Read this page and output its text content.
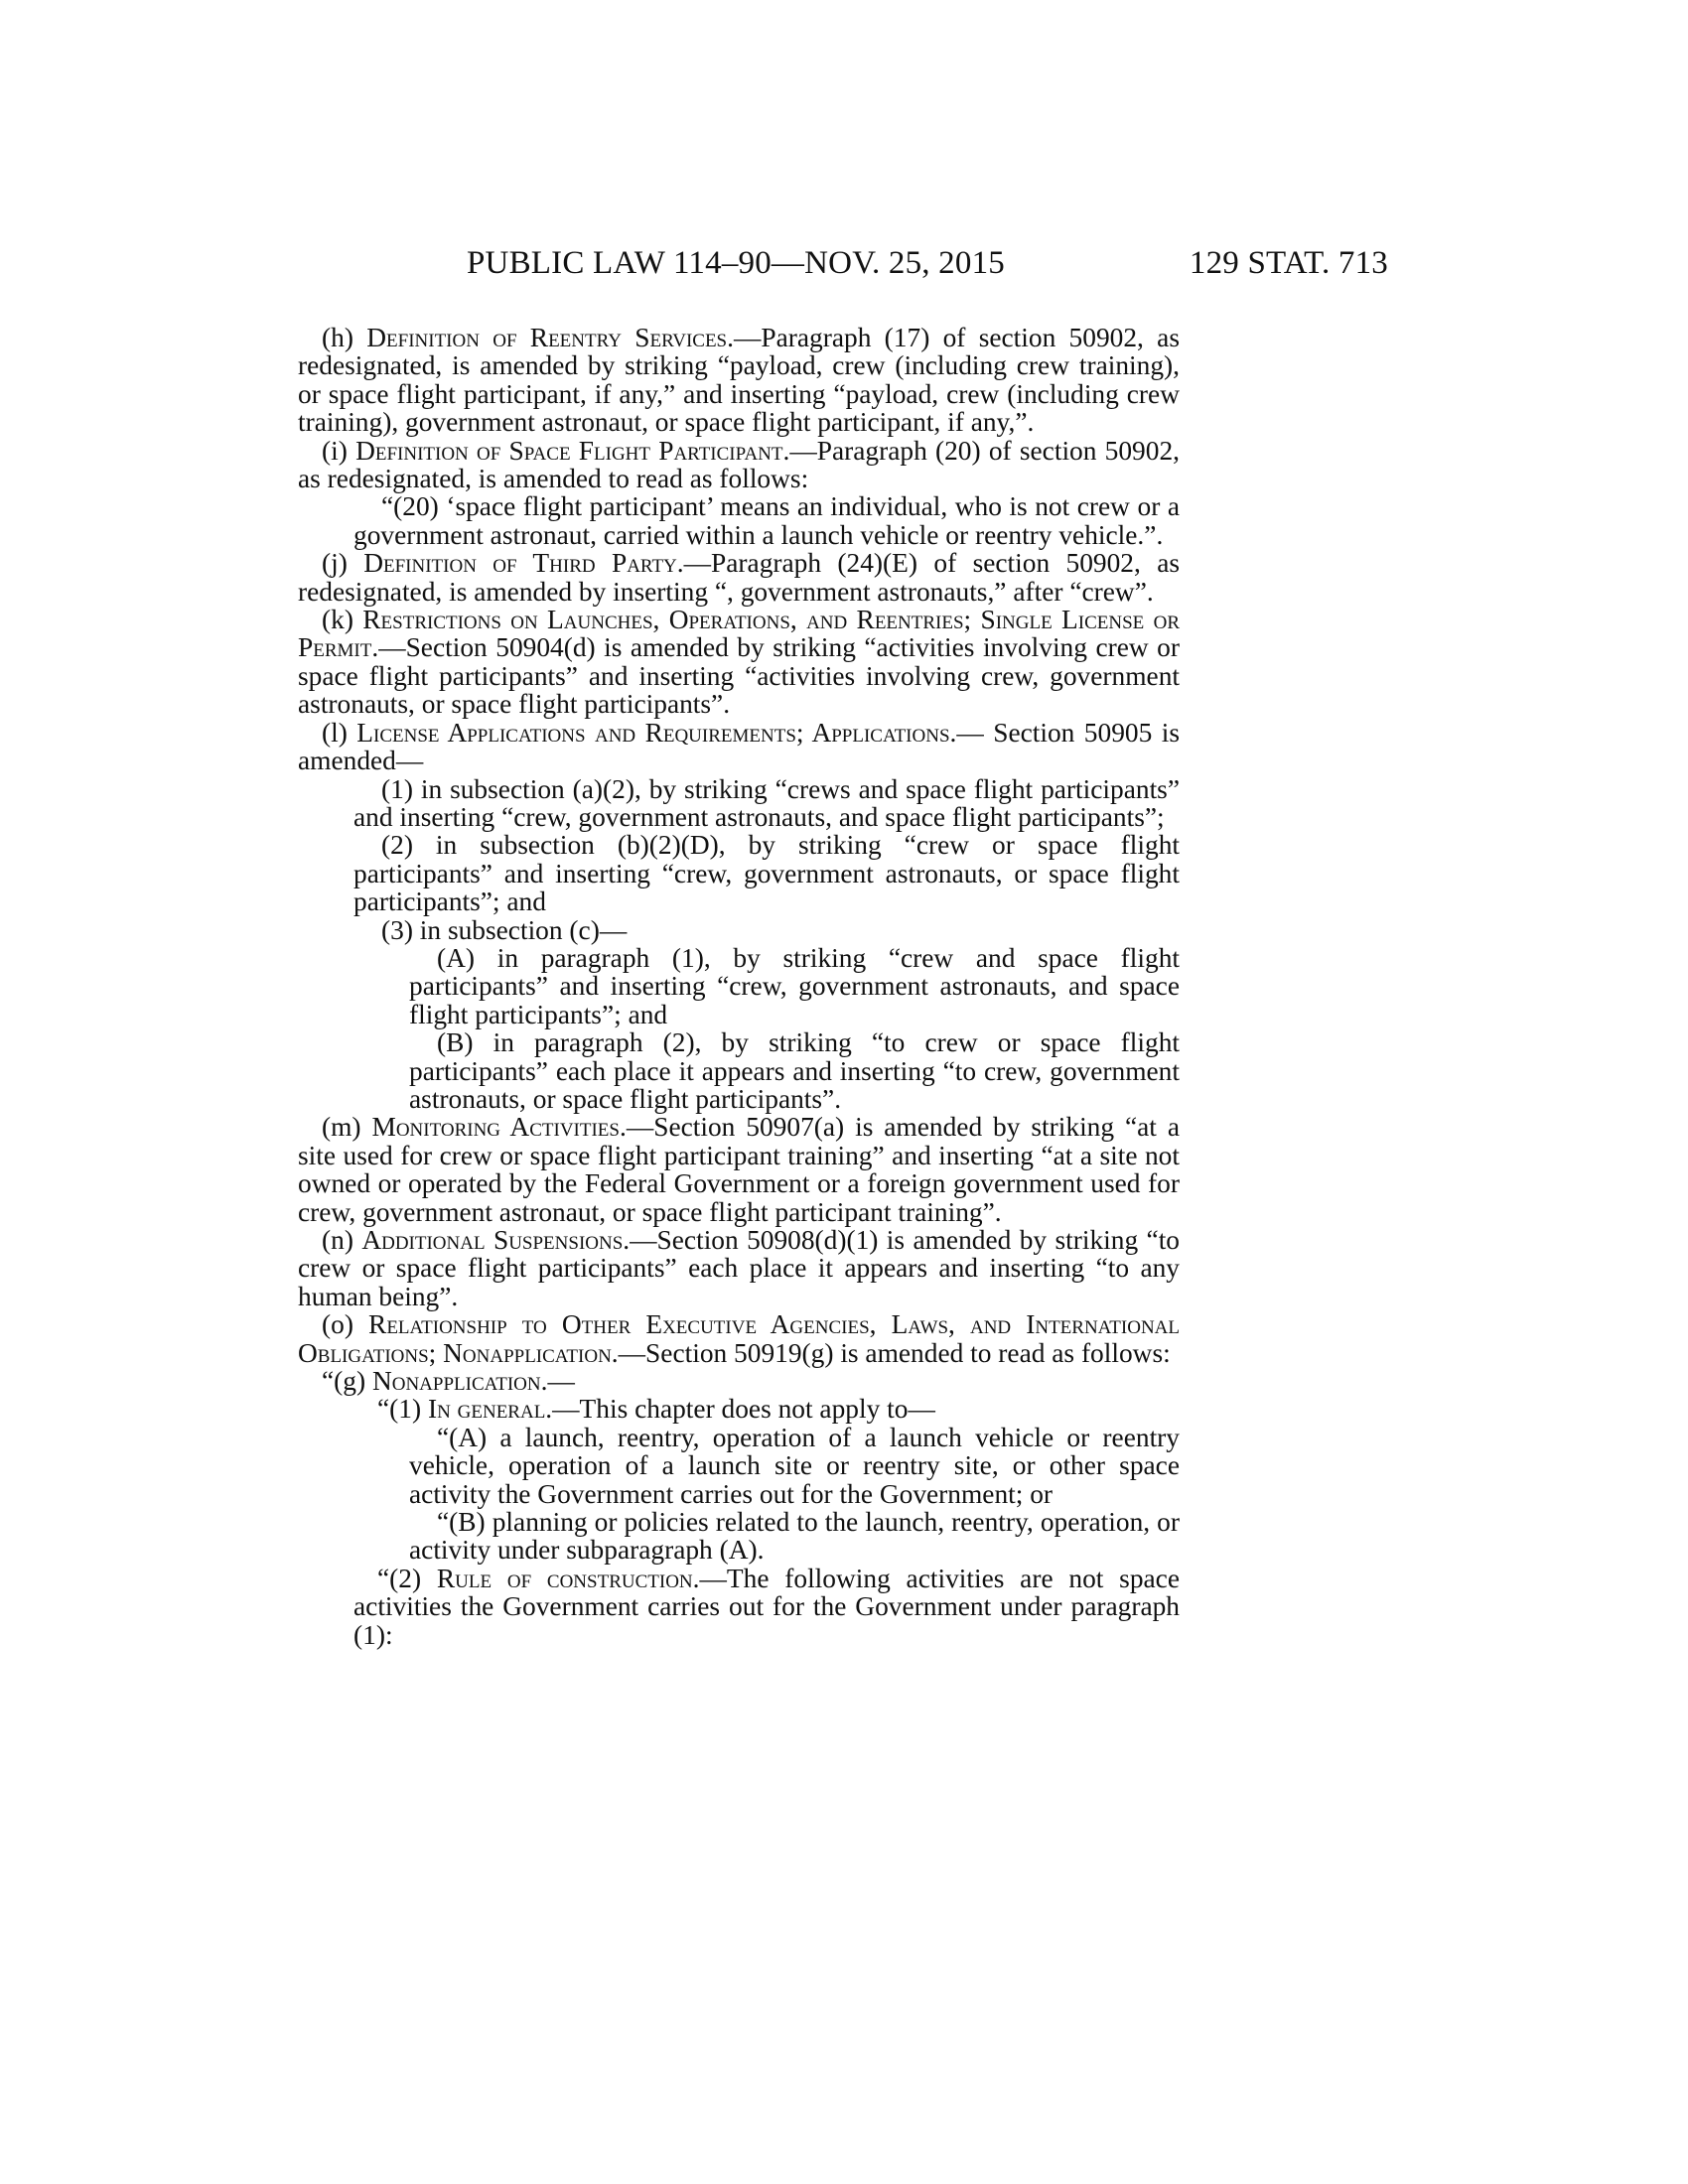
PUBLIC LAW 114–90—NOV. 25, 2015	129 STAT. 713

(h) Definition of Reentry Services.—Paragraph (17) of section 50902, as redesignated, is amended by striking “payload, crew (including crew training), or space flight participant, if any,” and inserting “payload, crew (including crew training), government astronaut, or space flight participant, if any,”.

(i) Definition of Space Flight Participant.—Paragraph (20) of section 50902, as redesignated, is amended to read as follows:

“(20) ‘space flight participant’ means an individual, who is not crew or a government astronaut, carried within a launch vehicle or reentry vehicle.”.

(j) Definition of Third Party.—Paragraph (24)(E) of section 50902, as redesignated, is amended by inserting “, government astronauts,” after “crew”.

(k) Restrictions on Launches, Operations, and Reentries; Single License or Permit.—Section 50904(d) is amended by striking “activities involving crew or space flight participants” and inserting “activities involving crew, government astronauts, or space flight participants”.

(l) License Applications and Requirements; Applications.— Section 50905 is amended—

(1) in subsection (a)(2), by striking “crews and space flight participants” and inserting “crew, government astronauts, and space flight participants”;

(2) in subsection (b)(2)(D), by striking “crew or space flight participants” and inserting “crew, government astronauts, or space flight participants”; and

(3) in subsection (c)—

(A) in paragraph (1), by striking “crew and space flight participants” and inserting “crew, government astronauts, and space flight participants”; and

(B) in paragraph (2), by striking “to crew or space flight participants” each place it appears and inserting “to crew, government astronauts, or space flight participants”.

(m) Monitoring Activities.—Section 50907(a) is amended by striking “at a site used for crew or space flight participant training” and inserting “at a site not owned or operated by the Federal Government or a foreign government used for crew, government astronaut, or space flight participant training”.

(n) Additional Suspensions.—Section 50908(d)(1) is amended by striking “to crew or space flight participants” each place it appears and inserting “to any human being”.

(o) Relationship to Other Executive Agencies, Laws, and International Obligations; Nonapplication.—Section 50919(g) is amended to read as follows:

“(g) Nonapplication.—

“(1) In general.—This chapter does not apply to—

“(A) a launch, reentry, operation of a launch vehicle or reentry vehicle, operation of a launch site or reentry site, or other space activity the Government carries out for the Government; or

“(B) planning or policies related to the launch, reentry, operation, or activity under subparagraph (A).

“(2) Rule of construction.—The following activities are not space activities the Government carries out for the Government under paragraph (1):
